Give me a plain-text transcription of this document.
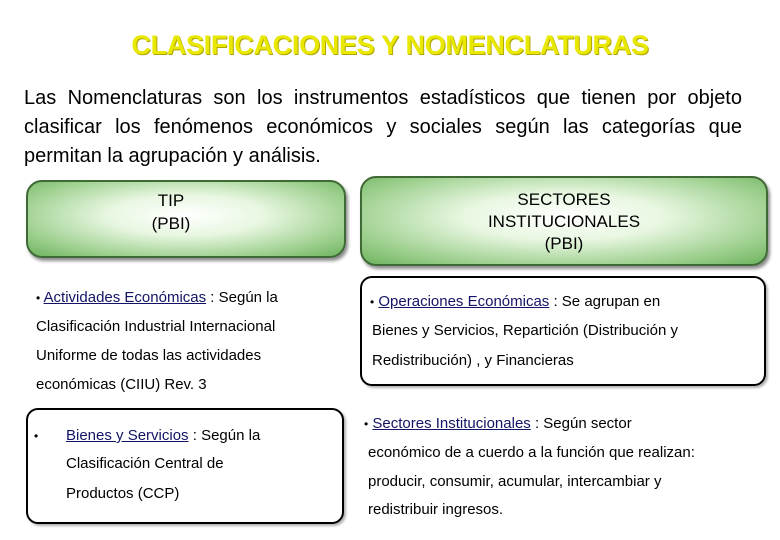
CLASIFICACIONES Y NOMENCLATURAS
Las Nomenclaturas son los instrumentos estadísticos que tienen por objeto clasificar los fenómenos económicos y sociales según las categorías que permitan la agrupación y análisis.
TIP
(PBI)
SECTORES
INSTITUCIONALES
(PBI)
• Actividades Económicas : Según la
Clasificación Industrial Internacional
Uniforme de todas las actividades
económicas (CIIU) Rev. 3
• Bienes y Servicios : Según la
Clasificación Central de
Productos (CCP)
• Operaciones Económicas : Se agrupan en
Bienes y Servicios, Repartición (Distribución y
Redistribución) , y Financieras
• Sectores Institucionales : Según sector
económico de a cuerdo a la función que realizan:
producir, consumir, acumular, intercambiar y
redistribuir ingresos.
